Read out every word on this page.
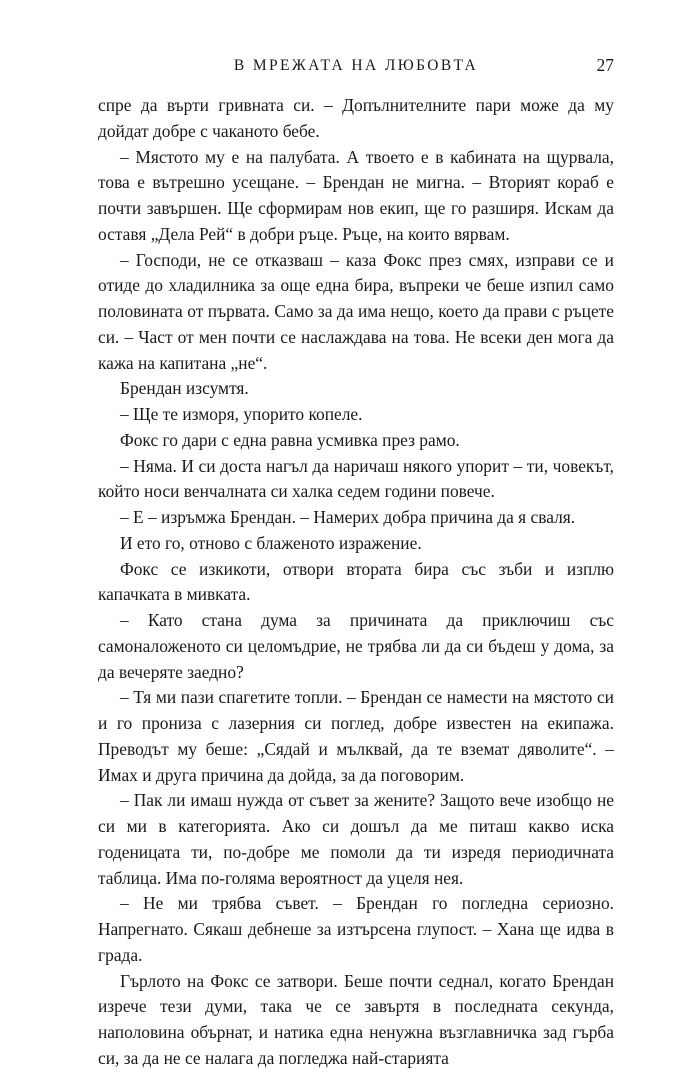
В МРЕЖАТА НА ЛЮБОВТА	27

спре да върти гривната си. – Допълнителните пари може да му дойдат добре с чаканото бебе.

– Мястото му е на палубата. А твоето е в кабината на щурвала, това е вътрешно усещане. – Брендан не мигна. – Вторият кораб е почти завършен. Ще сформирам нов екип, ще го разширя. Искам да оставя „Дела Рей“ в добри ръце. Ръце, на които вярвам.

– Господи, не се отказваш – каза Фокс през смях, изправи се и отиде до хладилника за още една бира, въпреки че беше изпил само половината от първата. Само за да има нещо, което да прави с ръцете си. – Част от мен почти се наслаждава на това. Не всеки ден мога да кажа на капитана „не“.

Брендан изсумтя.

– Ще те изморя, упорито копеле.

Фокс го дари с една равна усмивка през рамо.

– Няма. И си доста нагъл да наричаш някого упорит – ти, човекът, който носи венчалната си халка седем години повече.

– Е – изръмжа Брендан. – Намерих добра причина да я сваля.

И ето го, отново с блаженото изражение.

Фокс се изкикоти, отвори втората бира със зъби и изплю капачката в мивката.

– Като стана дума за причината да приключиш със самоналоженото си целомъдрие, не трябва ли да си бъдеш у дома, за да вечеряте заедно?

– Тя ми пази спагетите топли. – Брендан се намести на мястото си и го прониза с лазерния си поглед, добре известен на екипажа. Преводът му беше: „Сядай и мълквай, да те вземат дяволите“. – Имах и друга причина да дойда, за да поговорим.

– Пак ли имаш нужда от съвет за жените? Защото вече изобщо не си ми в категорията. Ако си дошъл да ме питаш какво иска годеницата ти, по-добре ме помоли да ти изредя периодичната таблица. Има по-голяма вероятност да уцеля нея.

– Не ми трябва съвет. – Брендан го погледна сериозно. Напрегнато. Сякаш дебнеше за изтърсена глупост. – Хана ще идва в града.

Гърлото на Фокс се затвори. Беше почти седнал, когато Брендан изрече тези думи, така че се завъртя в последната секунда, наполовина обърнат, и натика една ненужна възглавничка зад гърба си, за да не се налага да погледжа най-старията
